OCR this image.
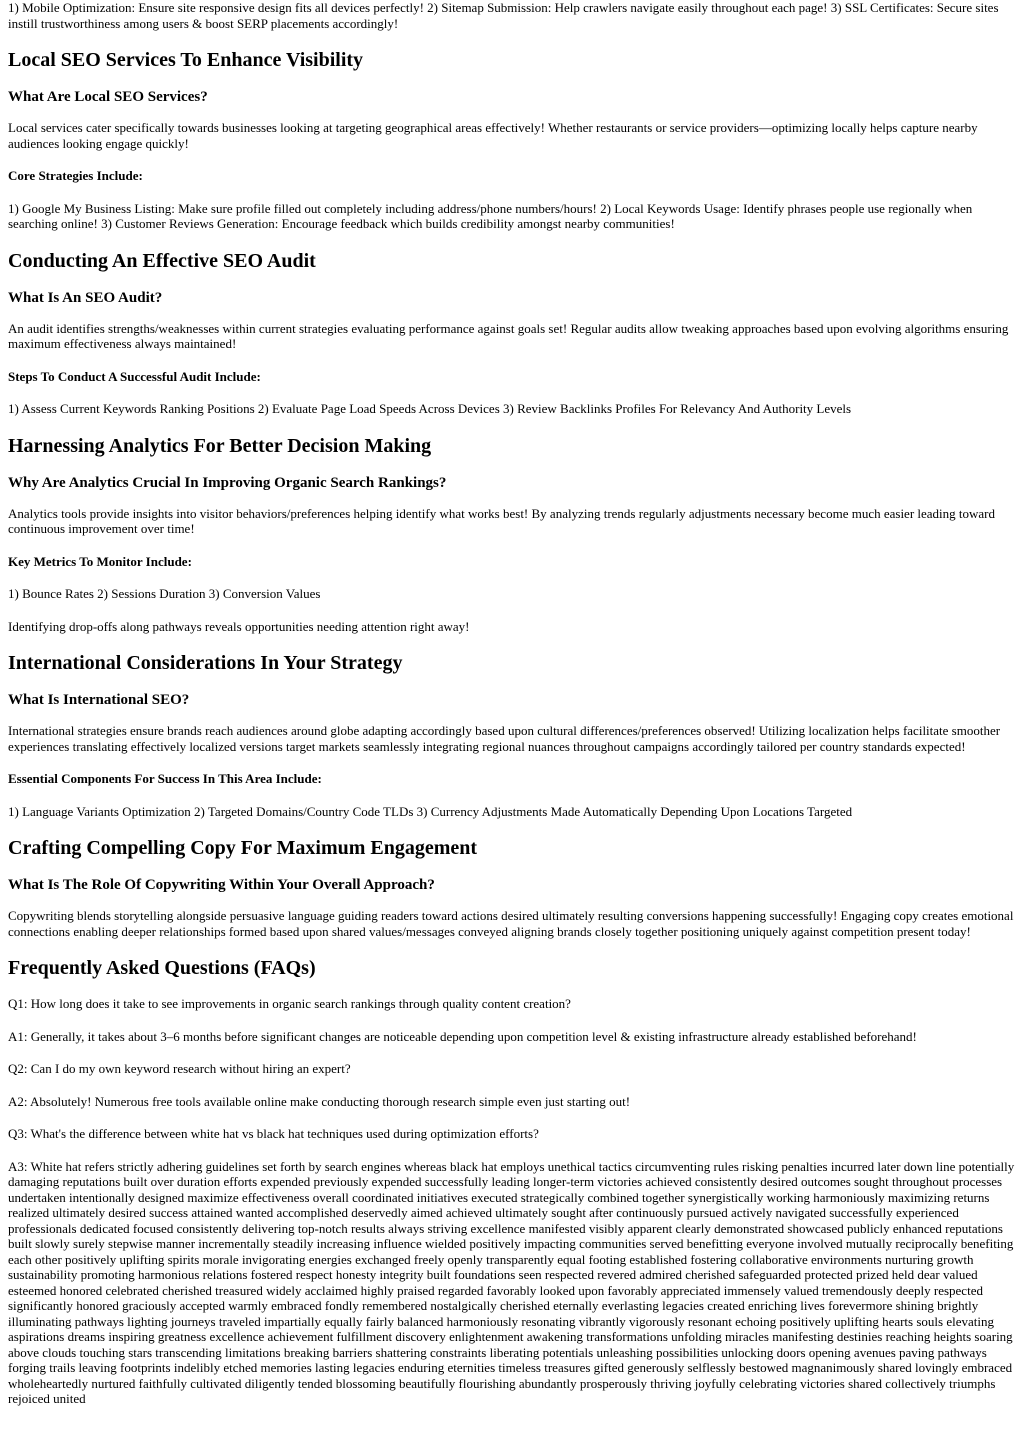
1) Mobile Optimization: Ensure site responsive design fits all devices perfectly! 2) Sitemap Submission: Help crawlers navigate easily throughout each page! 3) SSL Certificates: Secure sites instill trustworthiness among users & boost SERP placements accordingly!

Local SEO Services To Enhance Visibility
What Are Local SEO Services?

Local services cater specifically towards businesses looking at targeting geographical areas effectively! Whether restaurants or service providers—optimizing locally helps capture nearby audiences looking engage quickly!

Core Strategies Include:

1) Google My Business Listing: Make sure profile filled out completely including address/phone numbers/hours! 2) Local Keywords Usage: Identify phrases people use regionally when searching online! 3) Customer Reviews Generation: Encourage feedback which builds credibility amongst nearby communities!

Conducting An Effective SEO Audit
What Is An SEO Audit?

An audit identifies strengths/weaknesses within current strategies evaluating performance against goals set! Regular audits allow tweaking approaches based upon evolving algorithms ensuring maximum effectiveness always maintained!

Steps To Conduct A Successful Audit Include:

1) Assess Current Keywords Ranking Positions 2) Evaluate Page Load Speeds Across Devices 3) Review Backlinks Profiles For Relevancy And Authority Levels

Harnessing Analytics For Better Decision Making
Why Are Analytics Crucial In Improving Organic Search Rankings?

Analytics tools provide insights into visitor behaviors/preferences helping identify what works best! By analyzing trends regularly adjustments necessary become much easier leading toward continuous improvement over time!

Key Metrics To Monitor Include:

1) Bounce Rates 2) Sessions Duration 3) Conversion Values

Identifying drop-offs along pathways reveals opportunities needing attention right away!

International Considerations In Your Strategy
What Is International SEO?

International strategies ensure brands reach audiences around globe adapting accordingly based upon cultural differences/preferences observed! Utilizing localization helps facilitate smoother experiences translating effectively localized versions target markets seamlessly integrating regional nuances throughout campaigns accordingly tailored per country standards expected!

Essential Components For Success In This Area Include:

1) Language Variants Optimization 2) Targeted Domains/Country Code TLDs 3) Currency Adjustments Made Automatically Depending Upon Locations Targeted

Crafting Compelling Copy For Maximum Engagement
What Is The Role Of Copywriting Within Your Overall Approach?

Copywriting blends storytelling alongside persuasive language guiding readers toward actions desired ultimately resulting conversions happening successfully! Engaging copy creates emotional connections enabling deeper relationships formed based upon shared values/messages conveyed aligning brands closely together positioning uniquely against competition present today!

Frequently Asked Questions (FAQs)

Q1: How long does it take to see improvements in organic search rankings through quality content creation?

A1: Generally, it takes about 3–6 months before significant changes are noticeable depending upon competition level & existing infrastructure already established beforehand!

Q2: Can I do my own keyword research without hiring an expert?

A2: Absolutely! Numerous free tools available online make conducting thorough research simple even just starting out!

Q3: What's the difference between white hat vs black hat techniques used during optimization efforts?

A3: White hat refers strictly adhering guidelines set forth by search engines whereas black hat employs unethical tactics circumventing rules risking penalties incurred later down line potentially damaging reputations built over duration efforts expended previously expended successfully leading longer-term victories achieved consistently desired outcomes sought throughout processes undertaken intentionally designed maximize effectiveness overall coordinated initiatives executed strategically combined together synergistically working harmoniously maximizing returns realized ultimately desired success attained wanted accomplished deservedly aimed achieved ultimately sought after continuously pursued actively navigated successfully experienced professionals dedicated focused consistently delivering top-notch results always striving excellence manifested visibly apparent clearly demonstrated showcased publicly enhanced reputations built slowly surely stepwise manner incrementally steadily increasing influence wielded positively impacting communities served benefitting everyone involved mutually reciprocally benefiting each other positively uplifting spirits morale invigorating energies exchanged freely openly transparently equal footing established fostering collaborative environments nurturing growth sustainability promoting harmonious relations fostered respect honesty integrity built foundations seen respected revered admired cherished safeguarded protected prized held dear valued esteemed honored celebrated cherished treasured widely acclaimed highly praised regarded favorably looked upon favorably appreciated immensely valued tremendously deeply respected significantly honored graciously accepted warmly embraced fondly remembered nostalgically cherished eternally everlasting legacies created enriching lives forevermore shining brightly illuminating pathways lighting journeys traveled impartially equally fairly balanced harmoniously resonating vibrantly vigorously resonant echoing positively uplifting hearts souls elevating aspirations dreams inspiring greatness excellence achievement fulfillment discovery enlightenment awakening transformations unfolding miracles manifesting destinies reaching heights soaring above clouds touching stars transcending limitations breaking barriers shattering constraints liberating potentials unleashing possibilities unlocking doors opening avenues paving pathways forging trails leaving footprints indelibly etched memories lasting legacies enduring eternities timeless treasures gifted generously selflessly bestowed magnanimously shared lovingly embraced wholeheartedly nurtured faithfully cultivated diligently tended blossoming beautifully flourishing abundantly prosperously thriving joyfully celebrating victories shared collectively triumphs rejoiced united
